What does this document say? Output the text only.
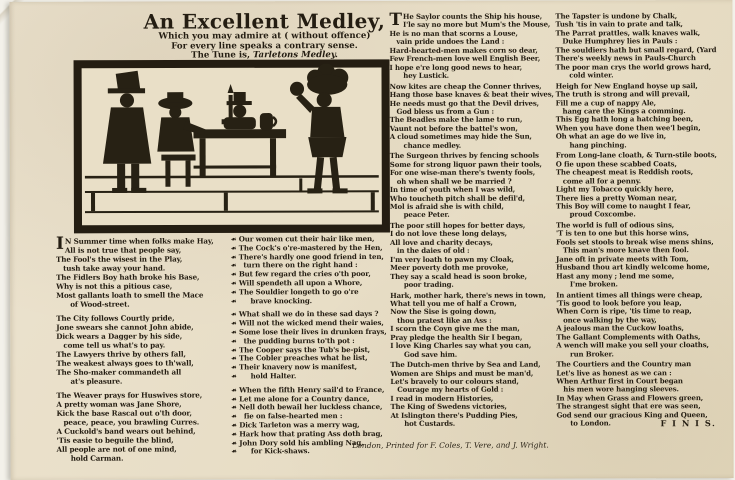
An Excellent Medley,
Which you may admire at ( without offence)
For every line speaks a contrary sense.
The Tune is, Tarletons Medley.
I N Summer time when folks make Hay,
All is not true that people say,
The Fool's the wisest in the Play,
tush take away your hand.
The Fidlers Boy hath broke his Base,
Why is not this a pitious case,
Most gallants loath to smell the Mace
of Wood-street.
The City follows Courtly pride,
Jone swears she cannot John abide,
Dick wears a Dagger by his side,
come tell us what's to pay.
The Lawyers thrive by others fall,
The weakest always goes to th'wall,
The Sho-maker commandeth all
at's pleasure.
The Weaver prays for Huswives store,
A pretty woman was Jane Shore,
Kick the base Rascal out o'th door,
peace, peace, you brawling Curres.
A Cuckold's band wears out behind,
'Tis easie to beguile the blind,
All people are not of one mind,
hold Carman.
❧ Our women cut their hair like men,
❧ The Cock's o're-mastered by the Hen,
❧ There's hardly one good friend in ten,
❧  turn there on the right hand :
❧ But few regard the cries o'th poor,
❧ Will spendeth all upon a Whore,
❧ The Souldier longeth to go o're
❧     brave knocking.
❧ What shall we do in these sad days ?
❧ Will not the wicked mend their waies,
❧ Some lose their lives in drunken frays,
❧  the pudding burns to'th pot :
❧ The Cooper says the Tub's be-pist,
❧ The Cobler preaches what he list,
❧ Their knavery now is manifest,
❧     hold Halter.
❧ When the fifth Henry sail'd to France,
❧ Let me alone for a Country dance,
❧ Nell doth bewail her luckless chance,
❧  fie on false-hearted men :
❧ Dick Tarleton was a merry wag,
❧ Hark how that prating Ass doth brag,
❧ John Dory sold his ambling Nag,
❧     for Kick-shaws.
T He Saylor counts the Ship his house,
I'le say no more but Mum's the Mouse,
He is no man that scorns a Louse,
vain pride undoes the Land :
Hard-hearted-men makes corn so dear,
Few French-men love well English Beer,
I hope e're long good news to hear,
hey Lustick.
Now kites are cheap the Conner thrives,
Hang those base knaves & beat their wives,
He needs must go that the Devil drives,
God bless us from a Gun :
The Beadles make the lame to run,
Vaunt not before the battel's won,
A cloud sometimes may hide the Sun,
chance medley.
The Surgeon thrives by fencing schools
Some for strong liquor pawn their tools,
For one wise-man there's twenty fools,
oh when shall we be married ?
In time of youth when I was wild,
Who toucheth pitch shall be defil'd,
Mol is afraid she is with child,
peace Peter.
The poor still hopes for better days,
I do not love these long delays,
All love and charity decays,
in the daies of old :
I'm very loath to pawn my Cloak,
Meer poverty doth me provoke,
They say a scald head is soon broke,
poor trading.
Hark, mother hark, there's news in town,
What tell you me of half a Crown,
Now the Sise is going down,
thou pratest like an Ass :
I scorn the Coyn give me the man,
Pray pledge the health Sir I began,
I love King Charles say what you can,
God save him.
The Dutch-men thrive by Sea and Land,
Women are Ships and must be man'd,
Let's bravely to our colours stand,
Courage my hearts of Gold :
I read in modern Histories,
The King of Swedens victories,
At Islington there's Pudding Pies,
hot Custards.
The Tapster is undone by Chalk,
Tush 'tis in vain to prate and talk,
The Parrat prattles, walk knaves walk,
Duke Humphrey lies in Pauls :
The souldiers hath but small regard, (Yard
There's weekly news in Pauls-Church
The poor man crys the world grows hard,
cold winter.
Heigh for New England hoyse up sail,
The truth is strong and will prevail,
Fill me a cup of nappy Ale,
hang care the Kings a comming.
This Egg hath long a hatching been,
When you have done then wee'l begin,
Oh what an age do we live in,
hang pinching.
From Long-lane cloath, & Turn-stile boots,
O fie upon these scabbed Coats,
The cheapest meat is Reddish roots,
come all for a penny.
Light my Tobacco quickly here,
There lies a pretty Woman near,
This Boy will come to naught I fear,
proud Coxcombe.
The world is full of odious sins,
'T is ten to one but this horse wins,
Fools set stools to break wise mens shins,
This man's more knave then fool.
Jane oft in private meets with Tom,
Husband thou art kindly welcome home,
Hast any mony ; lend me some,
I'me broken.
In antient times all things were cheap,
'Tis good to look before you leap,
When Corn is ripe, 'tis time to reap,
once walking by the way,
A jealous man the Cuckow loaths,
The Gallant Complements with Oaths,
A wench will make you sell your cloaths,
run Broker.
The Courtiers and the Country man
Let's live as honest as we can :
When Arthur first in Court began
his men wore hanging sleeves.
In May when Grass and Flowers green,
The strangest sight that ere was seen,
God send our gracious King and Queen,
to London.	F I N I S.
London, Printed for F. Coles, T. Vere, and J. Wright.
